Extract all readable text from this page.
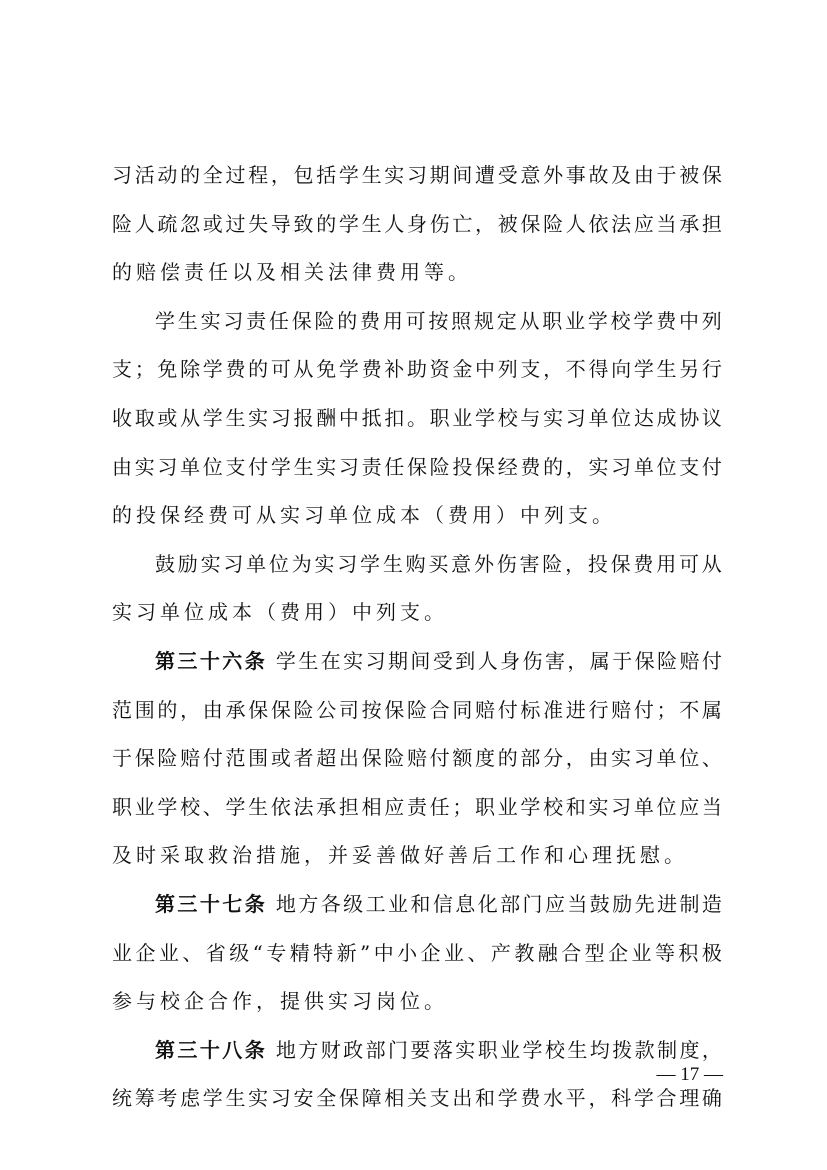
习 活 动 的 全 过 程 ， 包 括 学 生 实 习 期 间 遭 受 意 外 事 故 及 由 于 被 保
险 人 疏 忽 或 过 失 导 致 的 学 生 人 身 伤 亡 ， 被 保 险 人 依 法 应 当 承 担
的 赔 偿 责 任 以 及 相 关 法 律 费 用 等 。
学 生 实 习 责 任 保 险 的 费 用 可 按 照 规 定 从 职 业 学 校 学 费 中 列
支 ； 免 除 学 费 的 可 从 免 学 费 补 助 资 金 中 列 支 ， 不 得 向 学 生 另 行
收 取 或 从 学 生 实 习 报 酬 中 抵 扣 。 职 业 学 校 与 实 习 单 位 达 成 协 议
由 实 习 单 位 支 付 学 生 实 习 责 任 保 险 投 保 经 费 的 ， 实 习 单 位 支 付
的 投 保 经 费 可 从 实 习 单 位 成 本 （ 费 用 ） 中 列 支 。
鼓 励 实 习 单 位 为 实 习 学 生 购 买 意 外 伤 害 险 ， 投 保 费 用 可 从
实 习 单 位 成 本 （ 费 用 ） 中 列 支 。
第 三 十 六 条
学 生 在 实 习 期 间 受 到 人 身 伤 害 ， 属 于 保 险 赔 付
范 围 的 ， 由 承 保 保 险 公 司 按 保 险 合 同 赔 付 标 准 进 行 赔 付 ； 不 属
于 保 险 赔 付 范 围 或 者 超 出 保 险 赔 付 额 度 的 部 分 ， 由 实 习 单 位 、
职 业 学 校 、 学 生 依 法 承 担 相 应 责 任 ； 职 业 学 校 和 实 习 单 位 应 当
及 时 采 取 救 治 措 施 ， 并 妥 善 做 好 善 后 工 作 和 心 理 抚 慰 。
第 三 十 七 条
地 方 各 级 工 业 和 信 息 化 部 门 应 当 鼓 励 先 进 制 造
业 企 业 、 省 级 “ 专 精 特 新 ” 中 小 企 业 、 产 教 融 合 型 企 业 等 积 极
参 与 校 企 合 作 ， 提 供 实 习 岗 位 。
第 三 十 八 条
地 方 财 政 部 门 要 落 实 职 业 学 校 生 均 拨 款 制 度 ，
统 筹 考 虑 学 生 实 习 安 全 保 障 相 关 支 出 和 学 费 水 平 ， 科 学 合 理 确
— 17 —
